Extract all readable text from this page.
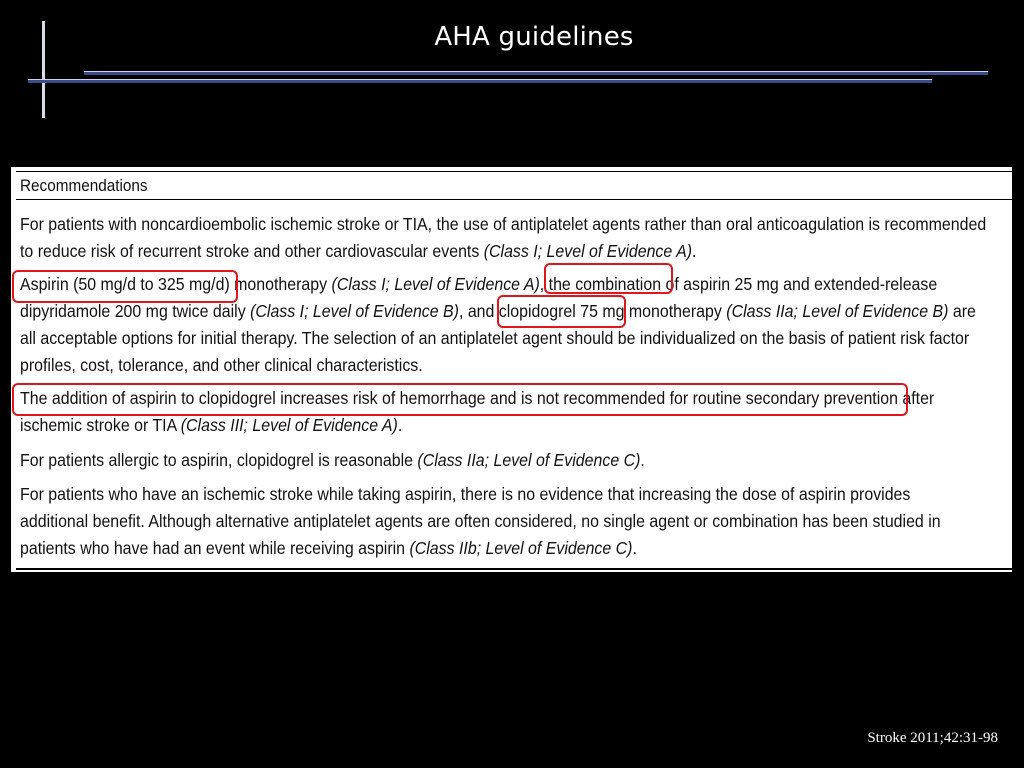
AHA guidelines
Recommendations

For patients with noncardioembolic ischemic stroke or TIA, the use of antiplatelet agents rather than oral anticoagulation is recommended
to reduce risk of recurrent stroke and other cardiovascular events (Class I; Level of Evidence A).

Aspirin (50 mg/d to 325 mg/d) monotherapy (Class I; Level of Evidence A), the combination of aspirin 25 mg and extended-release
dipyridamole 200 mg twice daily (Class I; Level of Evidence B), and clopidogrel 75 mg monotherapy (Class IIa; Level of Evidence B) are
all acceptable options for initial therapy. The selection of an antiplatelet agent should be individualized on the basis of patient risk factor
profiles, cost, tolerance, and other clinical characteristics.

The addition of aspirin to clopidogrel increases risk of hemorrhage and is not recommended for routine secondary prevention after
ischemic stroke or TIA (Class III; Level of Evidence A).

For patients allergic to aspirin, clopidogrel is reasonable (Class IIa; Level of Evidence C).

For patients who have an ischemic stroke while taking aspirin, there is no evidence that increasing the dose of aspirin provides
additional benefit. Although alternative antiplatelet agents are often considered, no single agent or combination has been studied in
patients who have had an event while receiving aspirin (Class IIb; Level of Evidence C).

Stroke 2011;42:31-98
